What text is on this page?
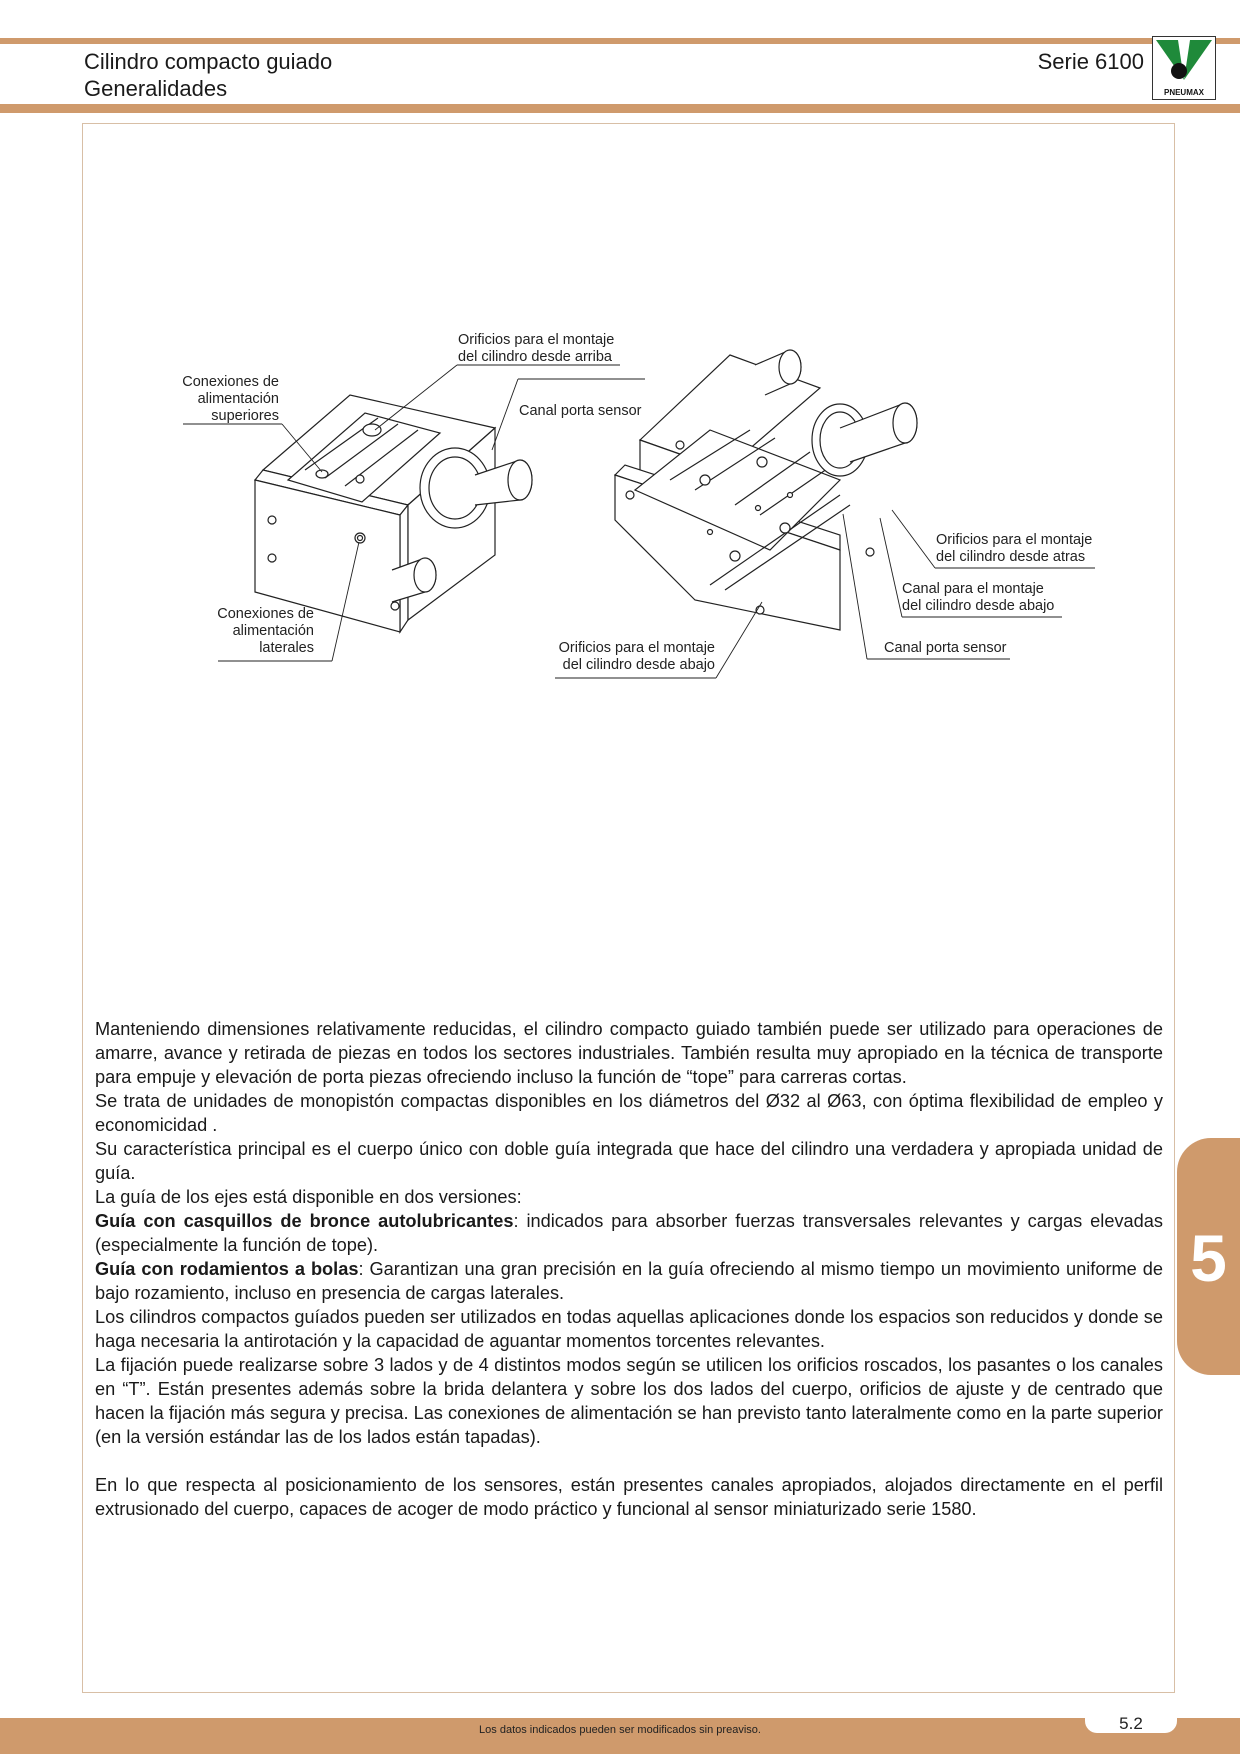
Cilindro compacto guiado
Generalidades
Serie 6100
PNEUMAX
Orificios para el montaje
del cilindro desde arriba
Conexiones de
alimentación
superiores	Canal porta sensor
Conexiones de
alimentación
laterales
Orificios para el montaje
del cilindro desde atras
Canal para el montaje
del cilindro desde abajo
Orificios para el montaje
del cilindro desde abajo
Canal porta sensor

Manteniendo dimensiones relativamente reducidas, el cilindro compacto guiado también puede ser utilizado para operaciones de amarre, avance y retirada de piezas en todos los sectores industriales. También resulta muy apropiado en la técnica de transporte para empuje y elevación de porta piezas ofreciendo incluso la función de “tope” para carreras cortas.

Se trata de unidades de monopistón compactas disponibles en los diámetros del Ø32 al Ø63, con óptima flexibilidad de empleo y economicidad .

Su característica principal es el cuerpo único con doble guía integrada que hace del cilindro una verdadera y apropiada unidad de guía.

La guía de los ejes está disponible en dos versiones:

Guía con casquillos de bronce autolubricantes: indicados para absorber fuerzas transversales relevantes y cargas elevadas (especialmente la función de tope).

Guía con rodamientos a bolas: Garantizan una gran precisión en la guía ofreciendo al mismo tiempo un movimiento uniforme de bajo rozamiento, incluso en presencia de cargas laterales.

Los cilindros compactos guíados pueden ser utilizados en todas aquellas aplicaciones donde los espacios son reducidos y donde se haga necesaria la antirotación y la capacidad de aguantar momentos torcentes relevantes.

La fijación puede realizarse sobre 3 lados y de 4 distintos modos según se utilicen los orificios roscados, los pasantes o los canales en “T”. Están presentes además sobre la brida delantera y sobre los dos lados del cuerpo, orificios de ajuste y de centrado que hacen la fijación más segura y precisa. Las conexiones de alimentación se han previsto tanto lateralmente como en la parte superior (en la versión estándar las de los lados están tapadas).

En lo que respecta al posicionamiento de los sensores, están presentes canales apropiados, alojados directamente en el perfil extrusionado del cuerpo, capaces de acoger de modo práctico y funcional al sensor miniaturizado serie 1580.

5
Los datos indicados pueden ser modificados sin preaviso.	5.2
